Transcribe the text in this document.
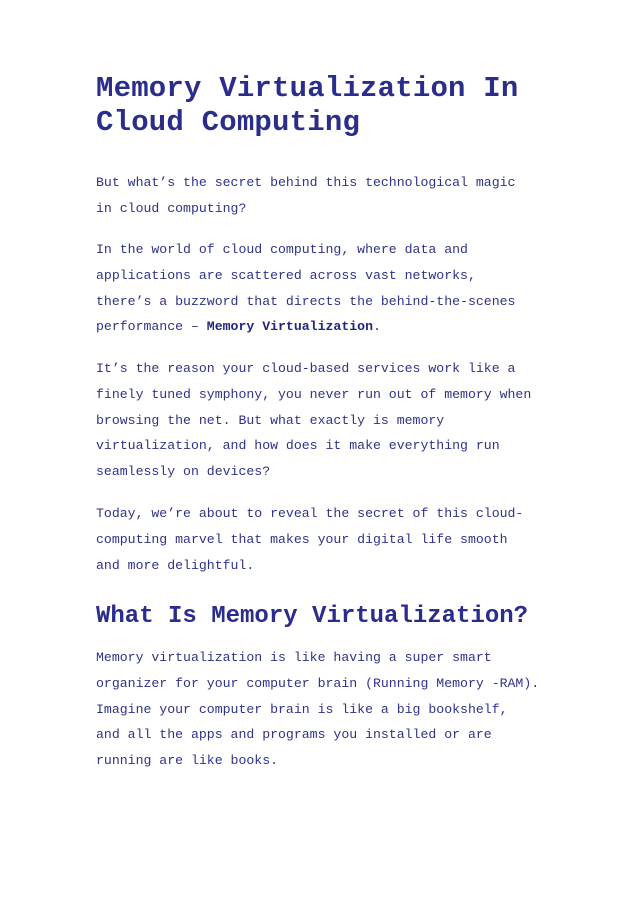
Memory Virtualization In
Cloud Computing

But what’s the secret behind this technological magic
in cloud computing?

In the world of cloud computing, where data and
applications are scattered across vast networks,
there’s a buzzword that directs the behind-the-scenes
performance – Memory Virtualization.

It’s the reason your cloud-based services work like a
finely tuned symphony, you never run out of memory when
browsing the net. But what exactly is memory
virtualization, and how does it make everything run
seamlessly on devices?

Today, we’re about to reveal the secret of this cloud-
computing marvel that makes your digital life smooth
and more delightful.

What Is Memory Virtualization?

Memory virtualization is like having a super smart
organizer for your computer brain (Running Memory -RAM).
Imagine your computer brain is like a big bookshelf,
and all the apps and programs you installed or are
running are like books.
